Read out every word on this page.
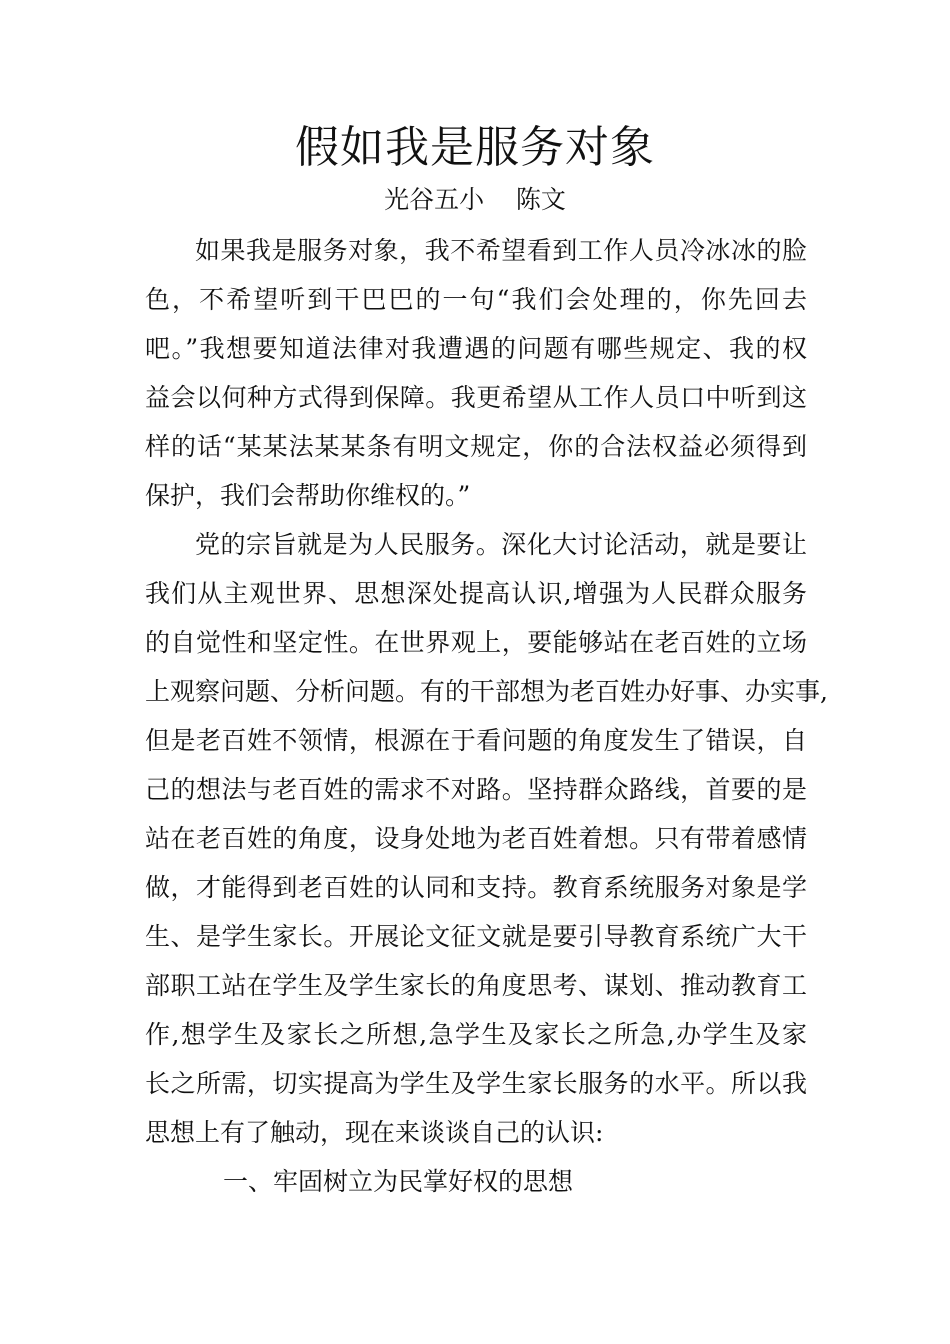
假如我是服务对象
光谷五小    陈文
如果我是服务对象，我不希望看到工作人员冷冰冰的脸
色，不希望听到干巴巴的一句“我们会处理的，你先回去
吧。”我想要知道法律对我遭遇的问题有哪些规定、我的权
益会以何种方式得到保障。我更希望从工作人员口中听到这
样的话“某某法某某条有明文规定，你的合法权益必须得到
保护，我们会帮助你维权的。”
党的宗旨就是为人民服务。深化大讨论活动，就是要让
我们从主观世界、思想深处提高认识,增强为人民群众服务
的自觉性和坚定性。在世界观上，要能够站在老百姓的立场
上观察问题、分析问题。有的干部想为老百姓办好事、办实事,
但是老百姓不领情，根源在于看问题的角度发生了错误，自
己的想法与老百姓的需求不对路。坚持群众路线，首要的是
站在老百姓的角度，设身处地为老百姓着想。只有带着感情
做，才能得到老百姓的认同和支持。教育系统服务对象是学
生、是学生家长。开展论文征文就是要引导教育系统广大干
部职工站在学生及学生家长的角度思考、谋划、推动教育工
作,想学生及家长之所想,急学生及家长之所急,办学生及家
长之所需，切实提高为学生及学生家长服务的水平。所以我
思想上有了触动，现在来谈谈自己的认识:
一、牢固树立为民掌好权的思想
